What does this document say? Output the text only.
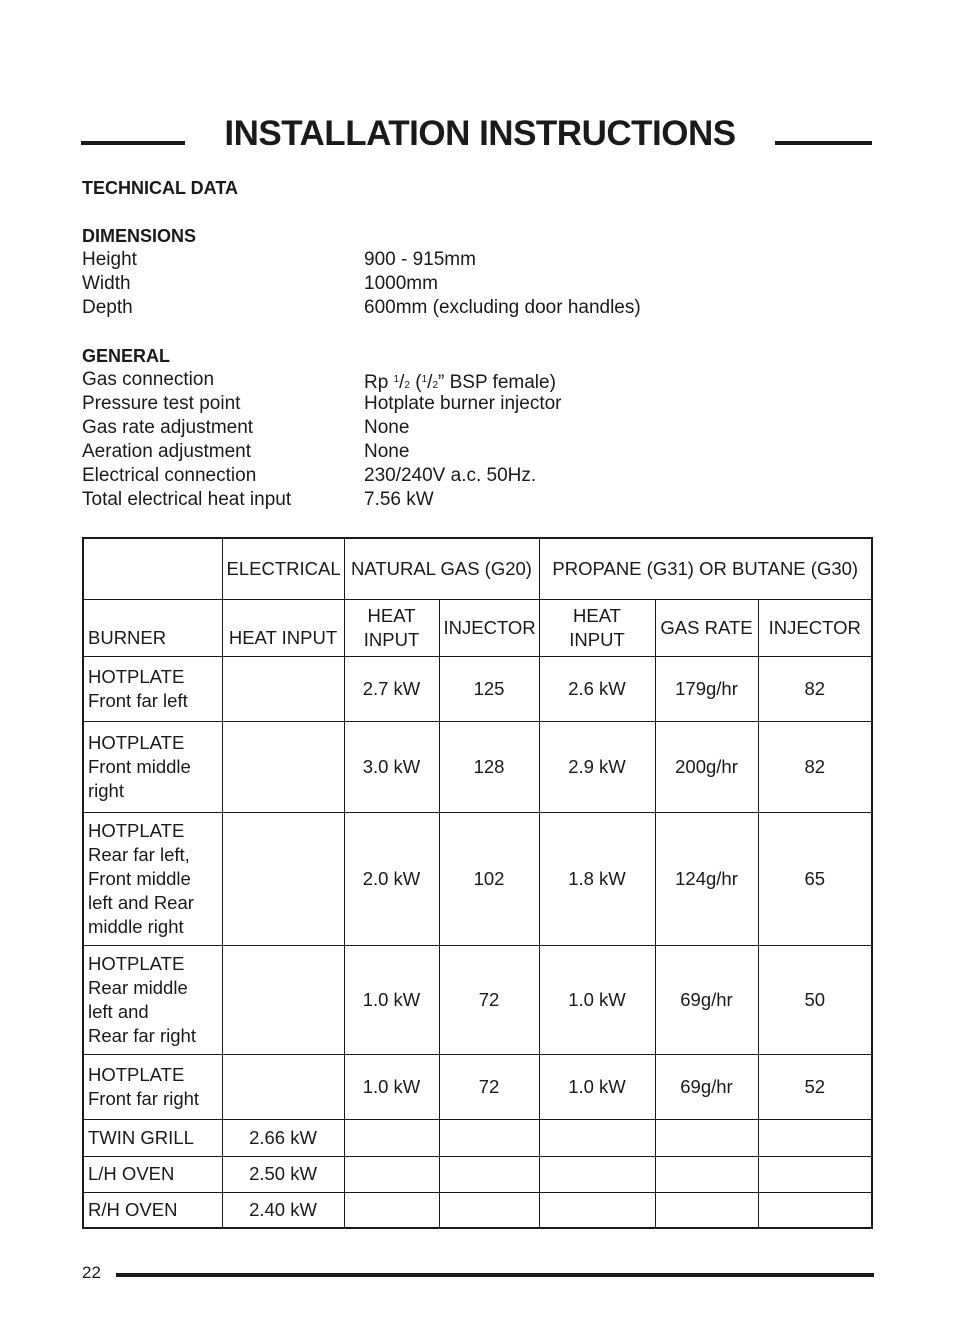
INSTALLATION INSTRUCTIONS
TECHNICAL DATA
DIMENSIONS
Height	900 - 915mm
Width	1000mm
Depth	600mm (excluding door handles)
GENERAL
Gas connection	Rp $^1$/2 ($^1$/2” BSP female)
Pressure test point	Hotplate burner injector
Gas rate adjustment	None
Aeration adjustment	None
Electrical connection	230/240V a.c. 50Hz.
Total electrical heat input	7.56 kW
	ELECTRICAL	NATURAL GAS (G20)		PROPANE (G31) OR BUTANE (G30)		
BURNER	HEAT INPUT	HEAT INPUT	INJECTOR	HEAT INPUT	GAS RATE	INJECTOR

HOTPLATE
Front far left		2.7 kW	125	2.6 kW	179g/hr	82

HOTPLATE
Front middle
right		3.0 kW	128	2.9 kW	200g/hr	82

HOTPLATE
Rear far left,
Front middle
left and Rear
middle right		2.0 kW	102	1.8 kW	124g/hr	65

HOTPLATE
Rear middle
left and
Rear far right		1.0 kW	72	1.0 kW	69g/hr	50

HOTPLATE
Front far right		1.0 kW	72	1.0 kW	69g/hr	52
TWIN GRILL	2.66 kW					
L/H OVEN	2.50 kW					
R/H OVEN	2.40 kW					
22
